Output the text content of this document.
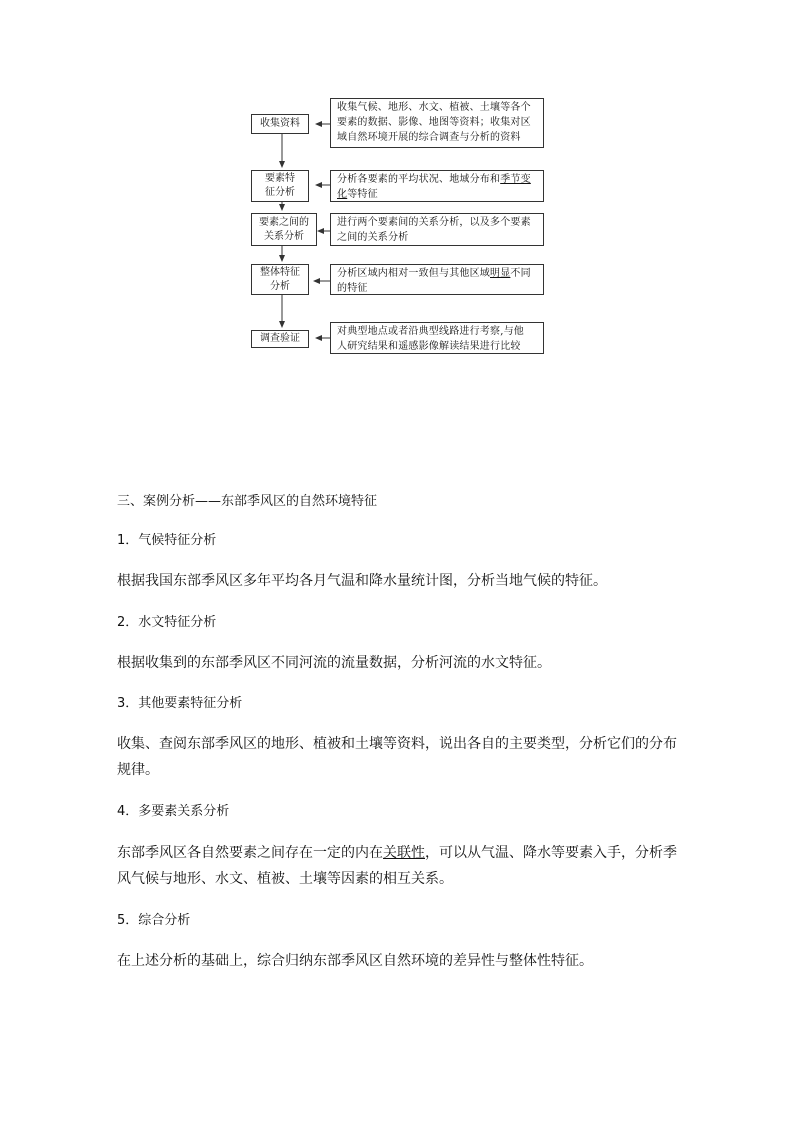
收集资料
要素特
征分析
要素之间的
关系分析
整体特征
分析
调查验证
收集气候、地形、水文、植被、土壤等各个
要素的数据、影像、地图等资料；收集对区
域自然环境开展的综合调查与分析的资料
分析各要素的平均状况、地域分布和季节变
化等特征
进行两个要素间的关系分析，以及多个要素
之间的关系分析
分析区域内相对一致但与其他区域明显不同
的特征
对典型地点或者沿典型线路进行考察,与他
人研究结果和遥感影像解读结果进行比较
三、案例分析——东部季风区的自然环境特征
1．气候特征分析
根据我国东部季风区多年平均各月气温和降水量统计图，分析当地气候的特征。
2．水文特征分析
根据收集到的东部季风区不同河流的流量数据，分析河流的水文特征。
3．其他要素特征分析
收集、查阅东部季风区的地形、植被和土壤等资料，说出各自的主要类型，分析它们的分布
规律。
4．多要素关系分析
东部季风区各自然要素之间存在一定的内在关联性，可以从气温、降水等要素入手，分析季
风气候与地形、水文、植被、土壤等因素的相互关系。
5．综合分析
在上述分析的基础上，综合归纳东部季风区自然环境的差异性与整体性特征。
